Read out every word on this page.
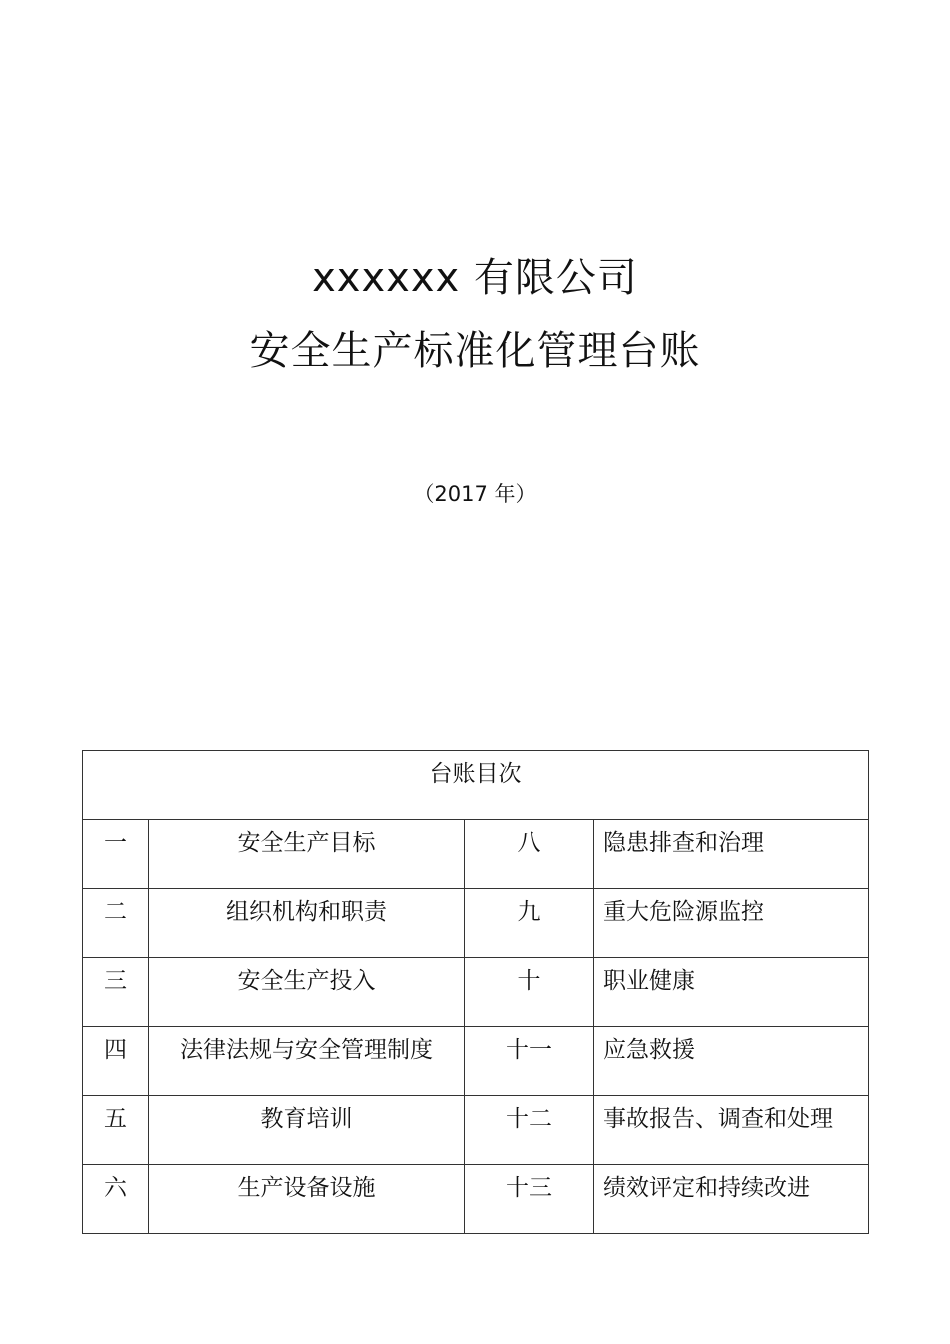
xxxxxx 有限公司
安全生产标准化管理台账
（2017 年）
台账目次			

一	安全生产目标	八	隐患排查和治理

二	组织机构和职责	九	重大危险源监控

三	安全生产投入	十	职业健康

四	法律法规与安全管理制度	十一	应急救援

五	教育培训	十二	事故报告、调查和处理

六	生产设备设施	十三	绩效评定和持续改进
